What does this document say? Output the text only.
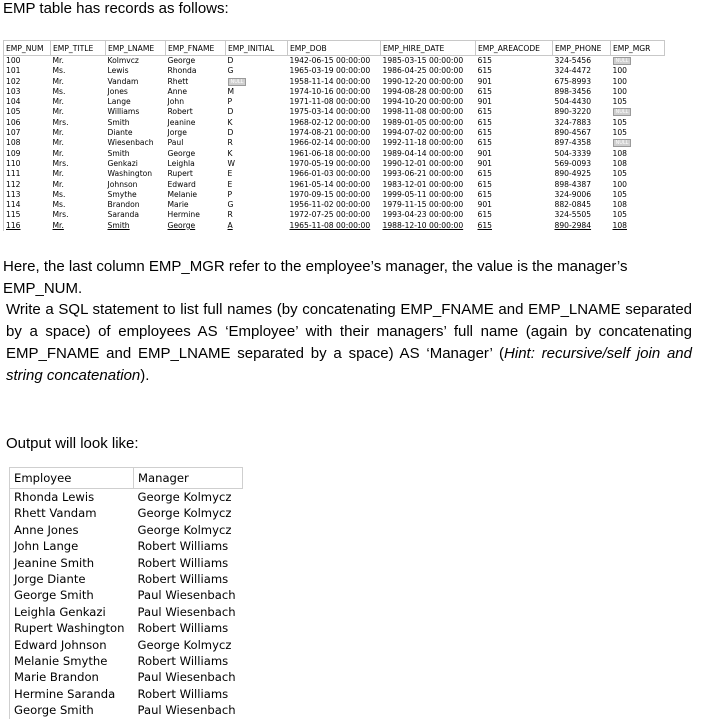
EMP table has records as follows:
EMP_NUM	EMP_TITLE	EMP_LNAME	EMP_FNAME	EMP_INITIAL	EMP_DOB	EMP_HIRE_DATE	EMP_AREACODE	EMP_PHONE	EMP_MGR
100	Mr.	Kolmvcz	George	D	1942-06-15 00:00:00	1985-03-15 00:00:00	615	324-5456	NULL
101	Ms.	Lewis	Rhonda	G	1965-03-19 00:00:00	1986-04-25 00:00:00	615	324-4472	100
102	Mr.	Vandam	Rhett	NULL	1958-11-14 00:00:00	1990-12-20 00:00:00	901	675-8993	100
103	Ms.	Jones	Anne	M	1974-10-16 00:00:00	1994-08-28 00:00:00	615	898-3456	100
104	Mr.	Lange	John	P	1971-11-08 00:00:00	1994-10-20 00:00:00	901	504-4430	105
105	Mr.	Williams	Robert	D	1975-03-14 00:00:00	1998-11-08 00:00:00	615	890-3220	NULL
106	Mrs.	Smith	Jeanine	K	1968-02-12 00:00:00	1989-01-05 00:00:00	615	324-7883	105
107	Mr.	Diante	Jorge	D	1974-08-21 00:00:00	1994-07-02 00:00:00	615	890-4567	105
108	Mr.	Wiesenbach	Paul	R	1966-02-14 00:00:00	1992-11-18 00:00:00	615	897-4358	NULL
109	Mr.	Smith	George	K	1961-06-18 00:00:00	1989-04-14 00:00:00	901	504-3339	108
110	Mrs.	Genkazi	Leighla	W	1970-05-19 00:00:00	1990-12-01 00:00:00	901	569-0093	108
111	Mr.	Washington	Rupert	E	1966-01-03 00:00:00	1993-06-21 00:00:00	615	890-4925	105
112	Mr.	Johnson	Edward	E	1961-05-14 00:00:00	1983-12-01 00:00:00	615	898-4387	100
113	Ms.	Smythe	Melanie	P	1970-09-15 00:00:00	1999-05-11 00:00:00	615	324-9006	105
114	Ms.	Brandon	Marie	G	1956-11-02 00:00:00	1979-11-15 00:00:00	901	882-0845	108
115	Mrs.	Saranda	Hermine	R	1972-07-25 00:00:00	1993-04-23 00:00:00	615	324-5505	105
116	Mr.	Smith	George	A	1965-11-08 00:00:00	1988-12-10 00:00:00	615	890-2984	108
Here, the last column EMP_MGR refer to the employee’s manager, the value is the manager’s EMP_NUM.
Write a SQL statement to list full names (by concatenating EMP_FNAME and EMP_LNAME separated by a space) of employees AS ‘Employee’ with their managers’ full name (again by concatenating EMP_FNAME and EMP_LNAME separated by a space) AS ‘Manager’ (Hint: recursive/self join and string concatenation).
Output will look like:
Employee	Manager
Rhonda Lewis	George Kolmycz
Rhett Vandam	George Kolmycz
Anne Jones	George Kolmycz
John Lange	Robert Williams
Jeanine Smith	Robert Williams
Jorge Diante	Robert Williams
George Smith	Paul Wiesenbach
Leighla Genkazi	Paul Wiesenbach
Rupert Washington	Robert Williams
Edward Johnson	George Kolmycz
Melanie Smythe	Robert Williams
Marie Brandon	Paul Wiesenbach
Hermine Saranda	Robert Williams
George Smith	Paul Wiesenbach
